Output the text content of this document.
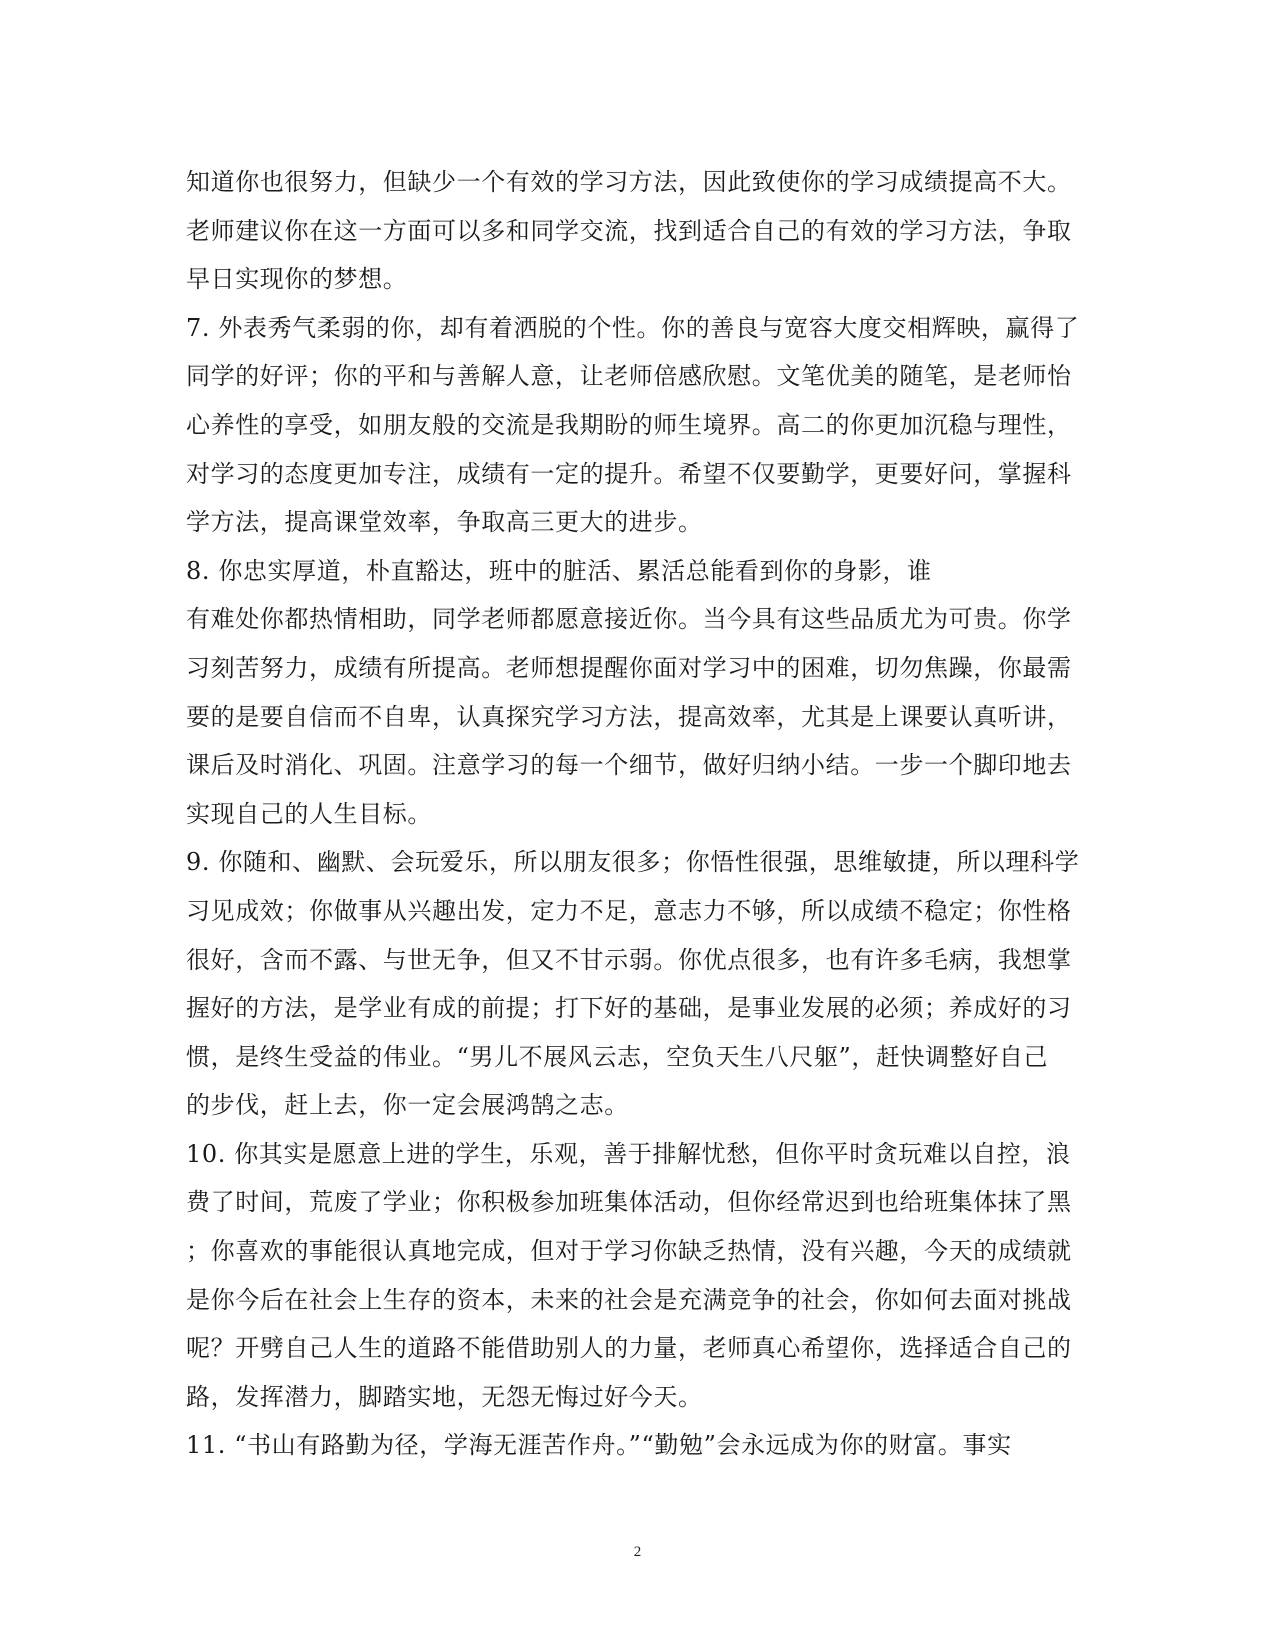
知道你也很努力，但缺少一个有效的学习方法，因此致使你的学习成绩提高不大。
老师建议你在这一方面可以多和同学交流，找到适合自己的有效的学习方法，争取
早日实现你的梦想。
7. 外表秀气柔弱的你，却有着洒脱的个性。你的善良与宽容大度交相辉映，赢得了
同学的好评；你的平和与善解人意，让老师倍感欣慰。文笔优美的随笔，是老师怡
心养性的享受，如朋友般的交流是我期盼的师生境界。高二的你更加沉稳与理性，
对学习的态度更加专注，成绩有一定的提升。希望不仅要勤学，更要好问，掌握科
学方法，提高课堂效率，争取高三更大的进步。
8. 你忠实厚道，朴直豁达，班中的脏活、累活总能看到你的身影，谁
有难处你都热情相助，同学老师都愿意接近你。当今具有这些品质尤为可贵。你学
习刻苦努力，成绩有所提高。老师想提醒你面对学习中的困难，切勿焦躁，你最需
要的是要自信而不自卑，认真探究学习方法，提高效率，尤其是上课要认真听讲，
课后及时消化、巩固。注意学习的每一个细节，做好归纳小结。一步一个脚印地去
实现自己的人生目标。
9. 你随和、幽默、会玩爱乐，所以朋友很多；你悟性很强，思维敏捷，所以理科学
习见成效；你做事从兴趣出发，定力不足，意志力不够，所以成绩不稳定；你性格
很好，含而不露、与世无争，但又不甘示弱。你优点很多，也有许多毛病，我想掌
握好的方法，是学业有成的前提；打下好的基础，是事业发展的必须；养成好的习
惯，是终生受益的伟业。“男儿不展风云志，空负天生八尺躯”，赶快调整好自己
的步伐，赶上去，你一定会展鸿鹄之志。
10. 你其实是愿意上进的学生，乐观，善于排解忧愁，但你平时贪玩难以自控，浪
费了时间，荒废了学业；你积极参加班集体活动，但你经常迟到也给班集体抹了黑
；你喜欢的事能很认真地完成，但对于学习你缺乏热情，没有兴趣，今天的成绩就
是你今后在社会上生存的资本，未来的社会是充满竞争的社会，你如何去面对挑战
呢？开劈自己人生的道路不能借助别人的力量，老师真心希望你，选择适合自己的
路，发挥潜力，脚踏实地，无怨无悔过好今天。
11. “书山有路勤为径，学海无涯苦作舟。”“勤勉”会永远成为你的财富。事实
2
